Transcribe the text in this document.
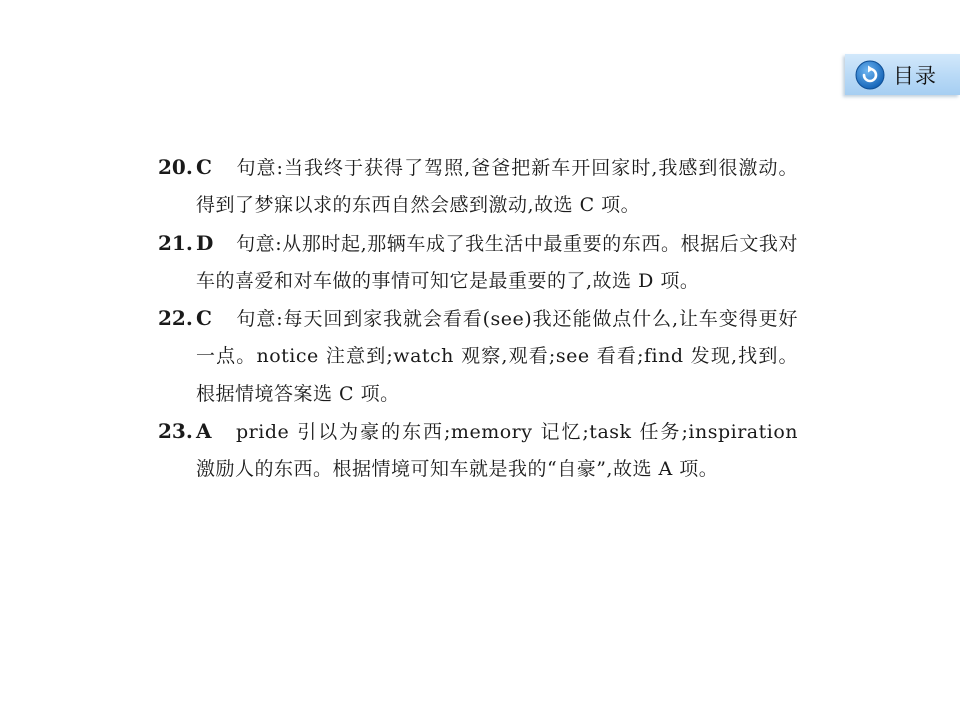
目录
20. C 句意:当我终于获得了驾照,爸爸把新车开回家时,我感到很激动。得到了梦寐以求的东西自然会感到激动,故选 C 项。
21. D 句意:从那时起,那辆车成了我生活中最重要的东西。根据后文我对车的喜爱和对车做的事情可知它是最重要的了,故选 D 项。
22. C 句意:每天回到家我就会看看(see)我还能做点什么,让车变得更好一点。notice 注意到;watch 观察,观看;see 看看;find 发现,找到。根据情境答案选 C 项。
23. A pride 引以为豪的东西;memory 记忆;task 任务;inspiration 激励人的东西。根据情境可知车就是我的“自豪”,故选 A 项。
